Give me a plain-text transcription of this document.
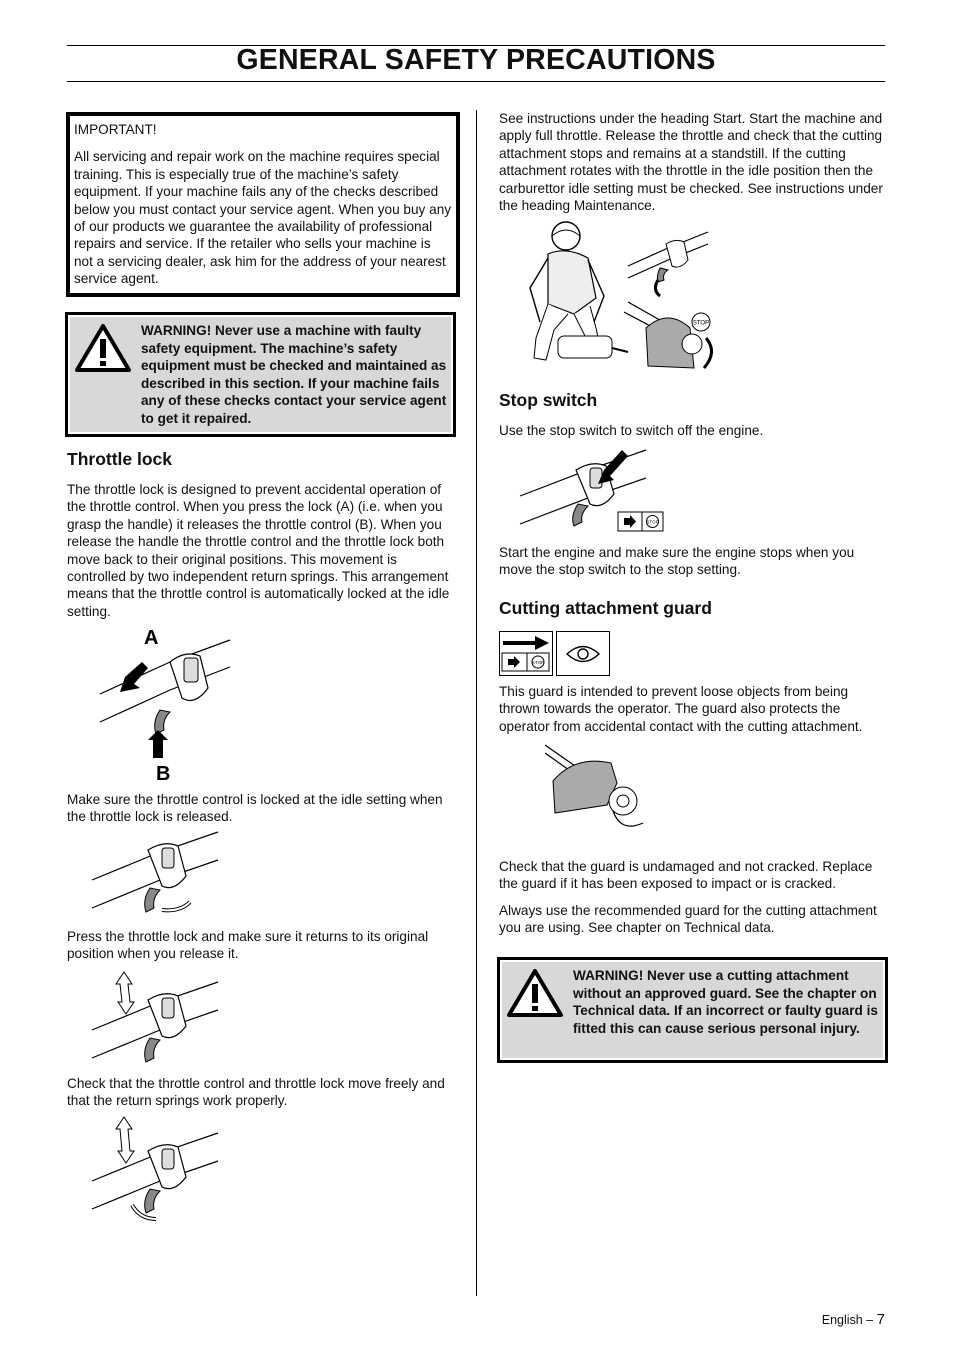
GENERAL SAFETY PRECAUTIONS

IMPORTANT!

All servicing and repair work on the machine requires special training. This is especially true of the machine’s safety equipment. If your machine fails any of the checks described below you must contact your service agent. When you buy any of our products we guarantee the availability of professional repairs and service. If the retailer who sells your machine is not a servicing dealer, ask him for the address of your nearest service agent.

WARNING! Never use a machine with faulty safety equipment. The machine’s safety equipment must be checked and maintained as described in this section. If your machine fails any of these checks contact your service agent to get it repaired.
Throttle lock

The throttle lock is designed to prevent accidental operation of the throttle control. When you press the lock (A) (i.e. when you grasp the handle) it releases the throttle control (B). When you release the handle the throttle control and the throttle lock both move back to their original positions. This movement is controlled by two independent return springs. This arrangement means that the throttle control is automatically locked at the idle setting.

A
B

Make sure the throttle control is locked at the idle setting when the throttle lock is released.

Press the throttle lock and make sure it returns to its original position when you release it.

Check that the throttle control and throttle lock move freely and that the return springs work properly.

See instructions under the heading Start. Start the machine and apply full throttle. Release the throttle and check that the cutting attachment stops and remains at a standstill. If the cutting attachment rotates with the throttle in the idle position then the carburettor idle setting must be checked. See instructions under the heading Maintenance.

STOP
Stop switch

Use the stop switch to switch off the engine.

STOP

Start the engine and make sure the engine stops when you move the stop switch to the stop setting.

Cutting attachment guard
STOP

This guard is intended to prevent loose objects from being thrown towards the operator. The guard also protects the operator from accidental contact with the cutting attachment.

Check that the guard is undamaged and not cracked. Replace the guard if it has been exposed to impact or is cracked.

Always use the recommended guard for the cutting attachment you are using. See chapter on Technical data.

WARNING! Never use a cutting attachment without an approved guard. See the chapter on Technical data. If an incorrect or faulty guard is fitted this can cause serious personal injury.
English – 7
